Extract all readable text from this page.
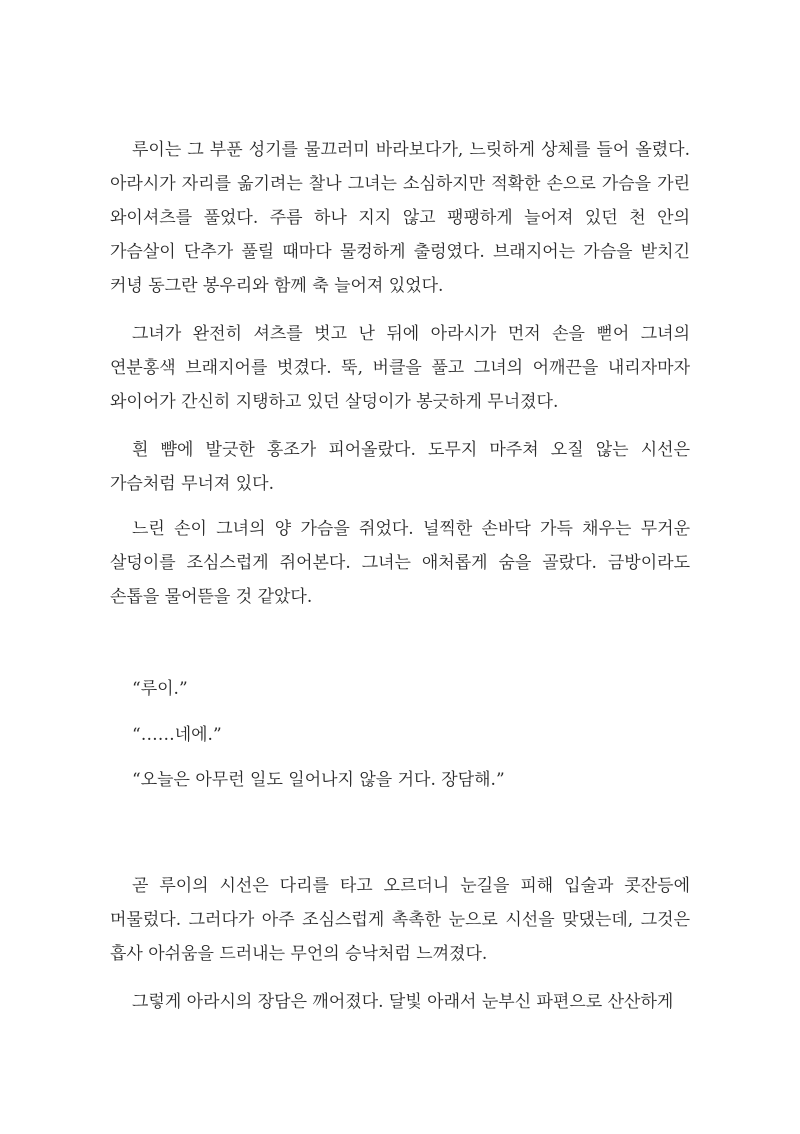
루이는 그 부푼 성기를 물끄러미 바라보다가, 느릿하게 상체를 들어 올렸다. 아라시가 자리를 옮기려는 찰나 그녀는 소심하지만 적확한 손으로 가슴을 가린 와이셔츠를 풀었다. 주름 하나 지지 않고 팽팽하게 늘어져 있던 천 안의 가슴살이 단추가 풀릴 때마다 물컹하게 출렁였다. 브래지어는 가슴을 받치긴 커녕 동그란 봉우리와 함께 축 늘어져 있었다.

그녀가 완전히 셔츠를 벗고 난 뒤에 아라시가 먼저 손을 뻗어 그녀의 연분홍색 브래지어를 벗겼다. 뚝, 버클을 풀고 그녀의 어깨끈을 내리자마자 와이어가 간신히 지탱하고 있던 살덩이가 봉긋하게 무너졌다.

흰 뺨에 발긋한 홍조가 피어올랐다. 도무지 마주쳐 오질 않는 시선은 가슴처럼 무너져 있다.

느린 손이 그녀의 양 가슴을 쥐었다. 널찍한 손바닥 가득 채우는 무거운 살덩이를 조심스럽게 쥐어본다. 그녀는 애처롭게 숨을 골랐다. 금방이라도 손톱을 물어뜯을 것 같았다.

“루이.”

“……네에.”

“오늘은 아무런 일도 일어나지 않을 거다. 장담해.”

곧 루이의 시선은 다리를 타고 오르더니 눈길을 피해 입술과 콧잔등에 머물렀다. 그러다가 아주 조심스럽게 촉촉한 눈으로 시선을 맞댔는데, 그것은 흡사 아쉬움을 드러내는 무언의 승낙처럼 느껴졌다.

그렇게 아라시의 장담은 깨어졌다. 달빛 아래서 눈부신 파편으로 산산하게
